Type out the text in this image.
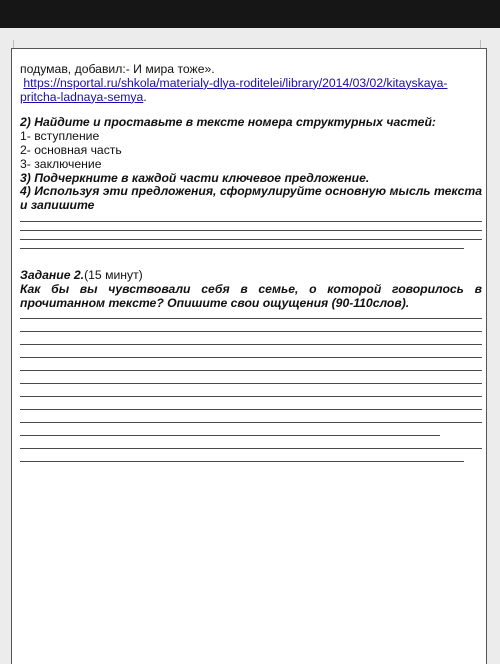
подумав, добавил:- И мира тоже».
https://nsportal.ru/shkola/materialy-dlya-roditelei/library/2014/03/02/kitayskaya-
pritcha-ladnaya-semya.
2) Найдите и проставьте в тексте номера структурных частей:
1- вступление
2- основная часть
3- заключение
3) Подчеркните в каждой части ключевое предложение.
4) Используя эти предложения, сформулируйте основную мысль текста и запишите
Задание 2.(15 минут)
Как бы вы чувствовали себя в семье, о которой говорилось в прочитанном тексте? Опишите свои ощущения (90-110слов).
